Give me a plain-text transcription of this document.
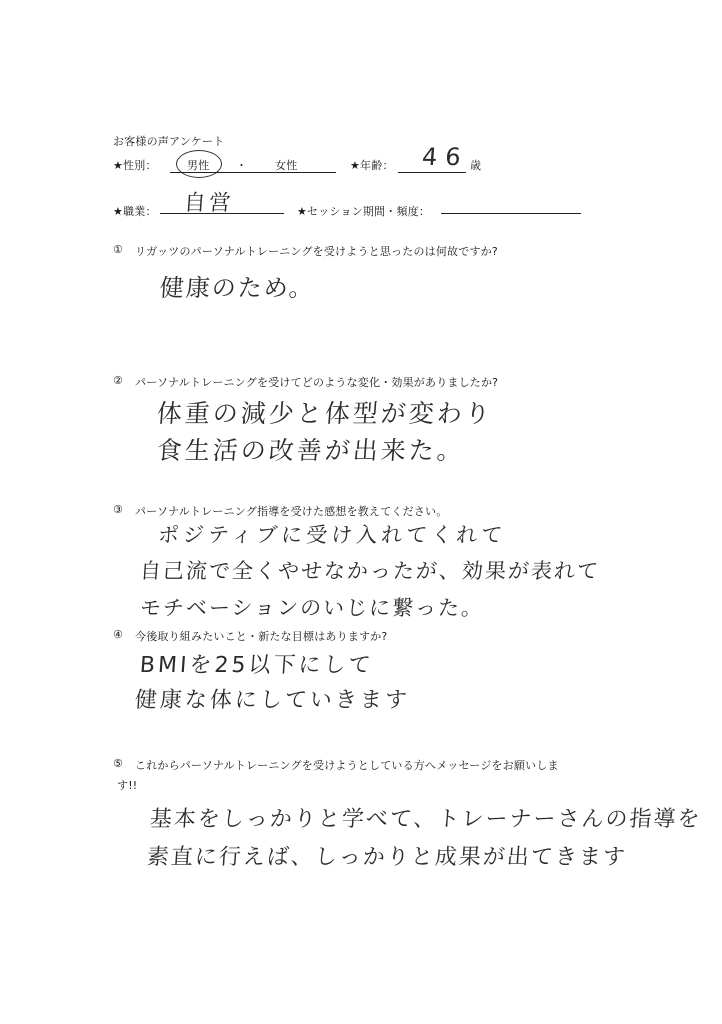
お客様の声アンケート
★性別：	男性 ・	女性	★年齢： 46 歳
★職業： 自営	★セッション期間・頻度：
① リガッツのパーソナルトレーニングを受けようと思ったのは何故ですか?
健康のため。
② パーソナルトレーニングを受けてどのような変化・効果がありましたか?
体重の減少と体型が変わり
食生活の改善が出来た。
③ パーソナルトレーニング指導を受けた感想を教えてください。
ポジティブに受け入れてくれて
自己流で全くやせなかったが、効果が表れて
モチベーションのいじに繋った。
④ 今後取り組みたいこと・新たな目標はありますか?
BMIを25以下にして
健康な体にしていきます
⑤ これからパーソナルトレーニングを受けようとしている方へメッセージをお願いしま
す!!
基本をしっかりと学べて、トレーナーさんの指導を
素直に行えば、しっかりと成果が出てきます
